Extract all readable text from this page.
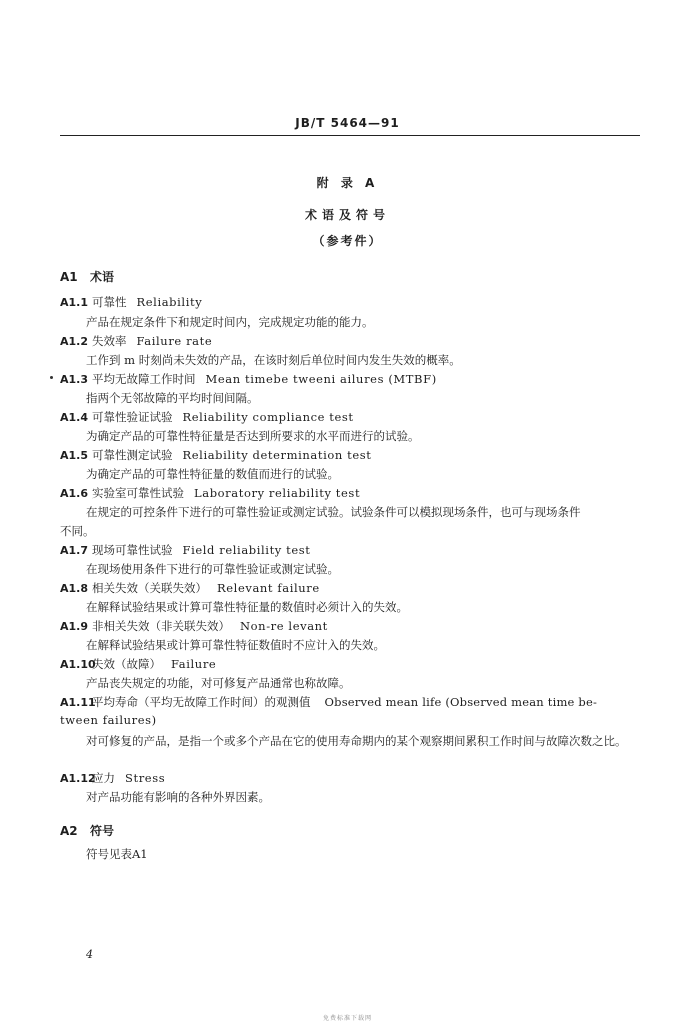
JB/T 5464—91
附 录 A
术语及符号
（参考件）
A1 术语
A1.1 可靠性 Reliability
产品在规定条件下和规定时间内，完成规定功能的能力。
A1.2 失效率 Failure rate
工作到 m 时刻尚未失效的产品，在该时刻后单位时间内发生失效的概率。
A1.3 平均无故障工作时间 Mean timebe tweeni ailures (MTBF)
指两个无邻故障的平均时间间隔。
A1.4 可靠性验证试验 Reliability compliance test
为确定产品的可靠性特征量是否达到所要求的水平而进行的试验。
A1.5 可靠性测定试验 Reliability determination test
为确定产品的可靠性特征量的数值而进行的试验。
A1.6 实验室可靠性试验 Laboratory reliability test
在规定的可控条件下进行的可靠性验证或测定试验。试验条件可以模拟现场条件，也可与现场条件
不同。
A1.7 现场可靠性试验 Field reliability test
在现场使用条件下进行的可靠性验证或测定试验。
A1.8 相关失效（关联失效） Relevant failure
在解释试验结果或计算可靠性特征量的数值时必须计入的失效。
A1.9 非相关失效（非关联失效） Non-re levant
在解释试验结果或计算可靠性特征数值时不应计入的失效。
A1.10失效（故障） Failure
产品丧失规定的功能，对可修复产品通常也称故障。
A1.11平均寿命（平均无故障工作时间）的观测值 Observed mean life (Observed mean time be-
tween failures)
对可修复的产品，是指一个或多个产品在它的使用寿命期内的某个观察期间累积工作时间与故障次数之比。
A1.12应力 Stress
对产品功能有影响的各种外界因素。
A2 符号
符号见表A1
4
免费标准下载网
